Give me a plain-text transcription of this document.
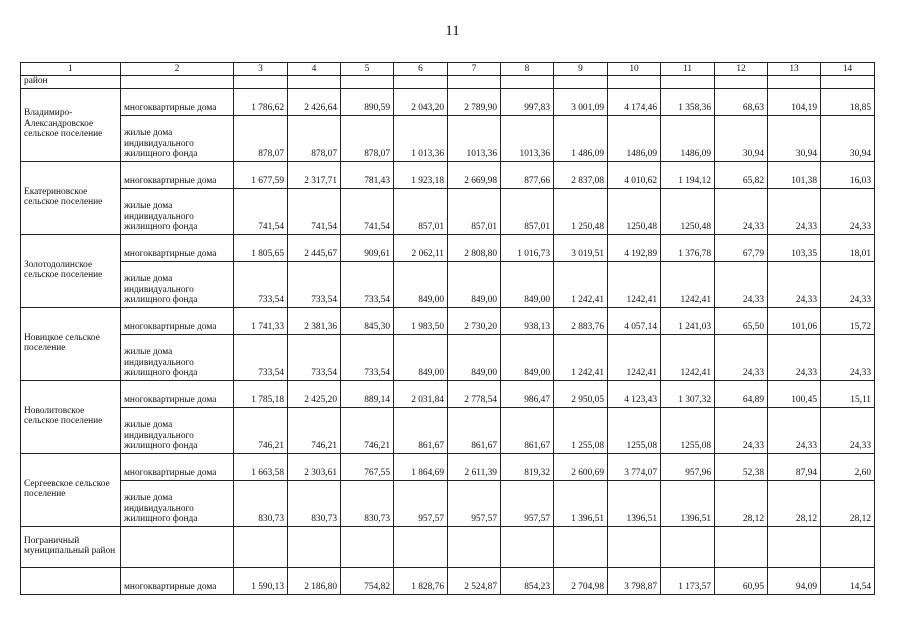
11
1	2	3	4	5	6	7	8	9	10	11	12	13	14
район													
Владимиро-Александровское сельское поселение	многоквартирные дома	1 786,62	2 426,64	890,59	2 043,20	2 789,90	997,83	3 001,09	4 174,46	1 358,36	68,63	104,19	18,85
	жилые дома индивидуального жилищного фонда	878,07	878,07	878,07	1 013,36	1013,36	1013,36	1 486,09	1486,09	1486,09	30,94	30,94	30,94
Екатериновское сельское поселение	многоквартирные дома	1 677,59	2 317,71	781,43	1 923,18	2 669,98	877,66	2 837,08	4 010,62	1 194,12	65,82	101,38	16,03
	жилые дома индивидуального жилищного фонда	741,54	741,54	741,54	857,01	857,01	857,01	1 250,48	1250,48	1250,48	24,33	24,33	24,33
Золотодолинское сельское поселение	многоквартирные дома	1 805,65	2 445,67	909,61	2 062,11	2 808,80	1 016,73	3 019,51	4 192,89	1 376,78	67,79	103,35	18,01
	жилые дома индивидуального жилищного фонда	733,54	733,54	733,54	849,00	849,00	849,00	1 242,41	1242,41	1242,41	24,33	24,33	24,33
Новицкое сельское поселение	многоквартирные дома	1 741,33	2 381,36	845,30	1 983,50	2 730,20	938,13	2 883,76	4 057,14	1 241,03	65,50	101,06	15,72
	жилые дома индивидуального жилищного фонда	733,54	733,54	733,54	849,00	849,00	849,00	1 242,41	1242,41	1242,41	24,33	24,33	24,33
Новолитовское сельское поселение	многоквартирные дома	1 785,18	2 425,20	889,14	2 031,84	2 778,54	986,47	2 950,05	4 123,43	1 307,32	64,89	100,45	15,11
	жилые дома индивидуального жилищного фонда	746,21	746,21	746,21	861,67	861,67	861,67	1 255,08	1255,08	1255,08	24,33	24,33	24,33
Сергеевское сельское поселение	многоквартирные дома	1 663,58	2 303,61	767,55	1 864,69	2 611,39	819,32	2 600,69	3 774,07	957,96	52,38	87,94	2,60
	жилые дома индивидуального жилищного фонда	830,73	830,73	830,73	957,57	957,57	957,57	1 396,51	1396,51	1396,51	28,12	28,12	28,12
Пограничный муниципальный район													
	многоквартирные дома	1 590,13	2 186,80	754,82	1 828,76	2 524,87	854,23	2 704,98	3 798,87	1 173,57	60,95	94,09	14,54
